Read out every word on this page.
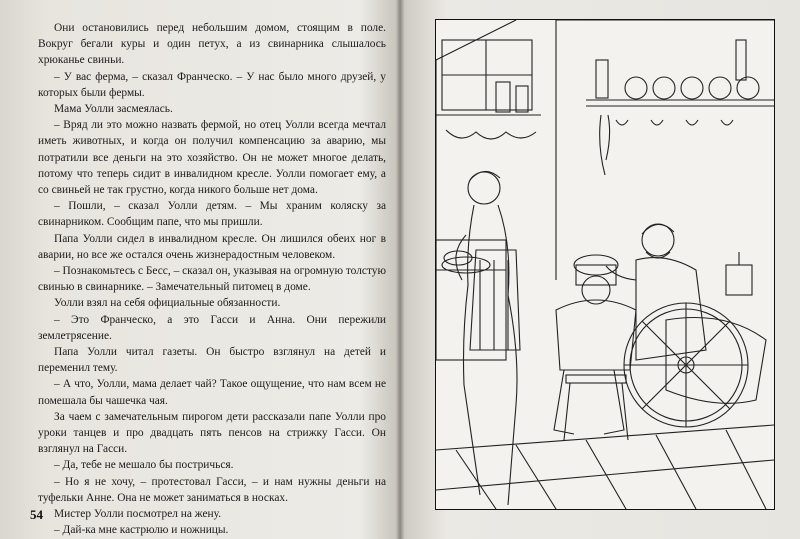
Они остановились перед небольшим домом, стоящим в поле. Вокруг бегали куры и один петух, а из свинарника слышалось хрюканье свиньи.

– У вас ферма, – сказал Франческо. – У нас было много друзей, у которых были фермы.

Мама Уолли засмеялась.

– Вряд ли это можно назвать фермой, но отец Уолли всегда мечтал иметь животных, и когда он получил компенсацию за аварию, мы потратили все деньги на это хозяйство. Он не может многое делать, потому что теперь сидит в инвалидном кресле. Уолли помогает ему, а со свиньей не так грустно, когда никого больше нет дома.

– Пошли, – сказал Уолли детям. – Мы храним коляску за свинарником. Сообщим папе, что мы пришли.

Папа Уолли сидел в инвалидном кресле. Он лишился обеих ног в аварии, но все же остался очень жизнерадостным человеком.

– Познакомьтесь с Бесс, – сказал он, указывая на огромную толстую свинью в свинарнике. – Замечательный питомец в доме.

Уолли взял на себя официальные обязанности.

– Это Франческо, а это Гасси и Анна. Они пережили землетрясение.

Папа Уолли читал газеты. Он быстро взглянул на детей и переменил тему.

– А что, Уолли, мама делает чай? Такое ощущение, что нам всем не помешала бы чашечка чая.

За чаем с замечательным пирогом дети рассказали папе Уолли про уроки танцев и про двадцать пять пенсов на стрижку Гасси. Он взглянул на Гасси.

– Да, тебе не мешало бы постричься.

– Но я не хочу, – протестовал Гасси, – и нам нужны деньги на туфельки Анне. Она не может заниматься в носках.

Мистер Уолли посмотрел на жену.

– Дай-ка мне кастрюлю и ножницы.

54
